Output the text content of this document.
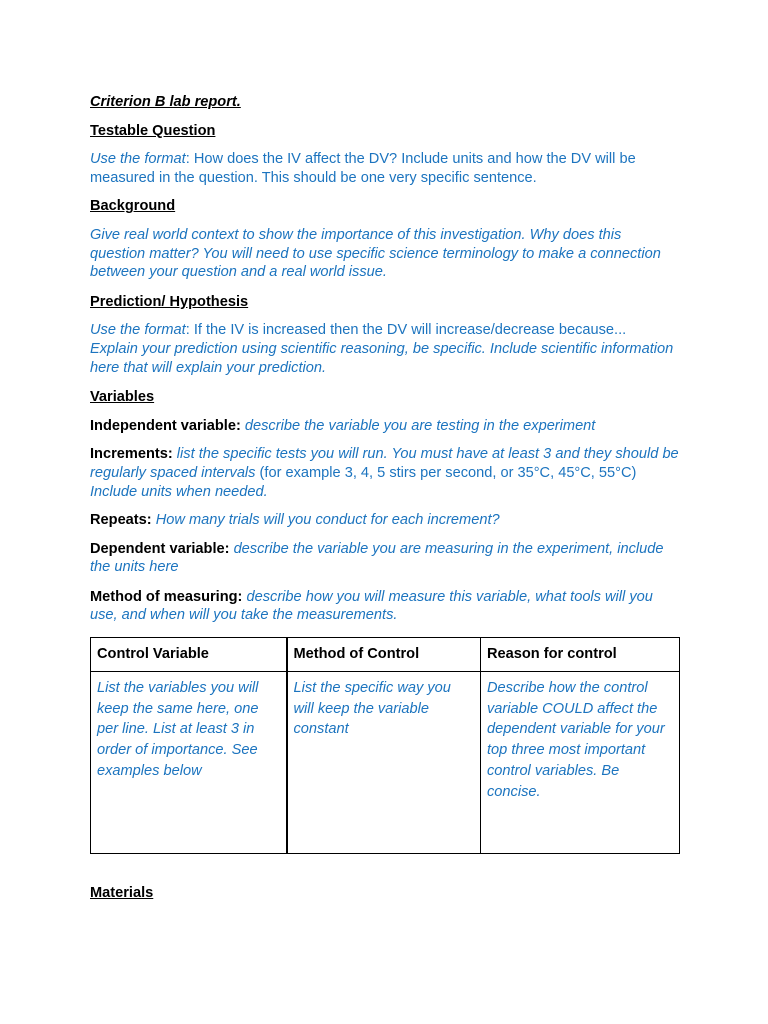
Criterion B lab report.

Testable Question

Use the format: How does the IV affect the DV? Include units and how the DV will be measured in the question. This should be one very specific sentence.

Background

Give real world context to show the importance of this investigation. Why does this question matter? You will need to use specific science terminology to make a connection between your question and a real world issue.

Prediction/ Hypothesis

Use the format: If the IV is increased then the DV will increase/decrease because...
Explain your prediction using scientific reasoning, be specific. Include scientific information here that will explain your prediction.

Variables

Independent variable: describe the variable you are testing in the experiment

Increments: list the specific tests you will run. You must have at least 3 and they should be regularly spaced intervals (for example 3, 4, 5 stirs per second, or 35°C, 45°C, 55°C) Include units when needed.

Repeats: How many trials will you conduct for each increment?

Dependent variable: describe the variable you are measuring in the experiment, include the units here

Method of measuring: describe how you will measure this variable, what tools will you use, and when will you take the measurements.

Control Variable	Method of Control	Reason for control
List the variables you will keep the same here, one per line. List at least 3 in order of importance. See examples below	List the specific way you will keep the variable constant	Describe how the control variable COULD affect the dependent variable for your top three most important control variables. Be concise.

Materials
